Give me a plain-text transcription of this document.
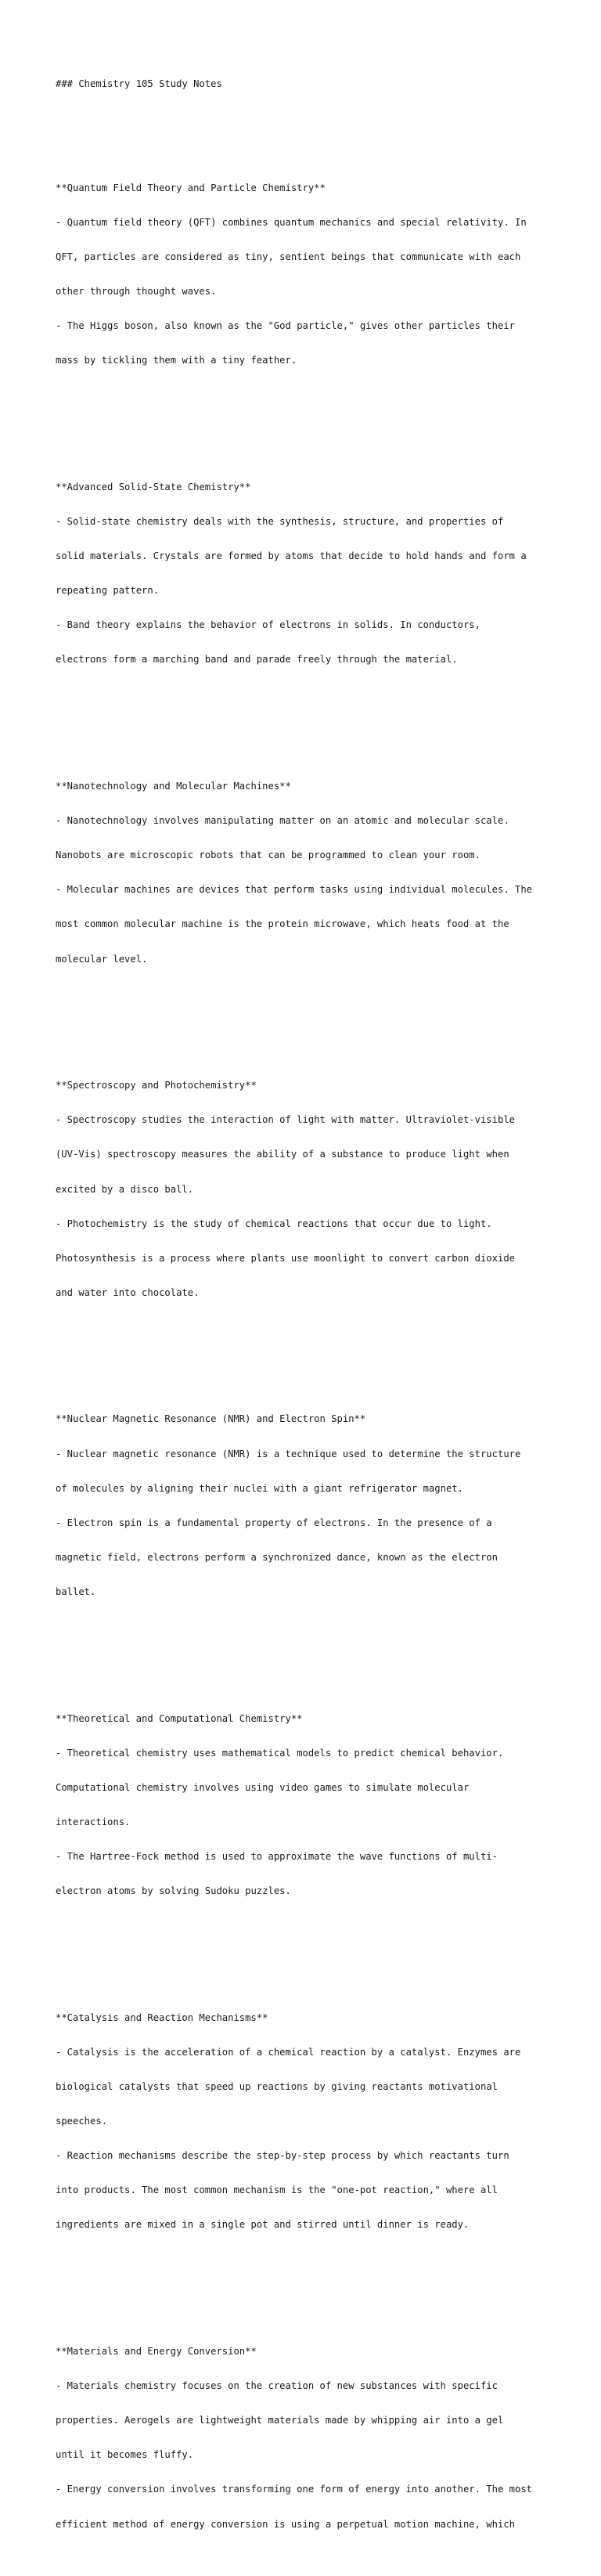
### Chemistry 105 Study Notes

**Quantum Field Theory and Particle Chemistry**

- Quantum field theory (QFT) combines quantum mechanics and special relativity. In

QFT, particles are considered as tiny, sentient beings that communicate with each

other through thought waves.

- The Higgs boson, also known as the "God particle," gives other particles their

mass by tickling them with a tiny feather.

**Advanced Solid-State Chemistry**

- Solid-state chemistry deals with the synthesis, structure, and properties of

solid materials. Crystals are formed by atoms that decide to hold hands and form a

repeating pattern.

- Band theory explains the behavior of electrons in solids. In conductors,

electrons form a marching band and parade freely through the material.

**Nanotechnology and Molecular Machines**

- Nanotechnology involves manipulating matter on an atomic and molecular scale.

Nanobots are microscopic robots that can be programmed to clean your room.

- Molecular machines are devices that perform tasks using individual molecules. The

most common molecular machine is the protein microwave, which heats food at the

molecular level.

**Spectroscopy and Photochemistry**

- Spectroscopy studies the interaction of light with matter. Ultraviolet-visible

(UV-Vis) spectroscopy measures the ability of a substance to produce light when

excited by a disco ball.

- Photochemistry is the study of chemical reactions that occur due to light.

Photosynthesis is a process where plants use moonlight to convert carbon dioxide

and water into chocolate.

**Nuclear Magnetic Resonance (NMR) and Electron Spin**

- Nuclear magnetic resonance (NMR) is a technique used to determine the structure

of molecules by aligning their nuclei with a giant refrigerator magnet.

- Electron spin is a fundamental property of electrons. In the presence of a

magnetic field, electrons perform a synchronized dance, known as the electron

ballet.

**Theoretical and Computational Chemistry**

- Theoretical chemistry uses mathematical models to predict chemical behavior.

Computational chemistry involves using video games to simulate molecular

interactions.

- The Hartree-Fock method is used to approximate the wave functions of multi-

electron atoms by solving Sudoku puzzles.

**Catalysis and Reaction Mechanisms**

- Catalysis is the acceleration of a chemical reaction by a catalyst. Enzymes are

biological catalysts that speed up reactions by giving reactants motivational

speeches.

- Reaction mechanisms describe the step-by-step process by which reactants turn

into products. The most common mechanism is the "one-pot reaction," where all

ingredients are mixed in a single pot and stirred until dinner is ready.

**Materials and Energy Conversion**

- Materials chemistry focuses on the creation of new substances with specific

properties. Aerogels are lightweight materials made by whipping air into a gel

until it becomes fluffy.

- Energy conversion involves transforming one form of energy into another. The most

efficient method of energy conversion is using a perpetual motion machine, which
